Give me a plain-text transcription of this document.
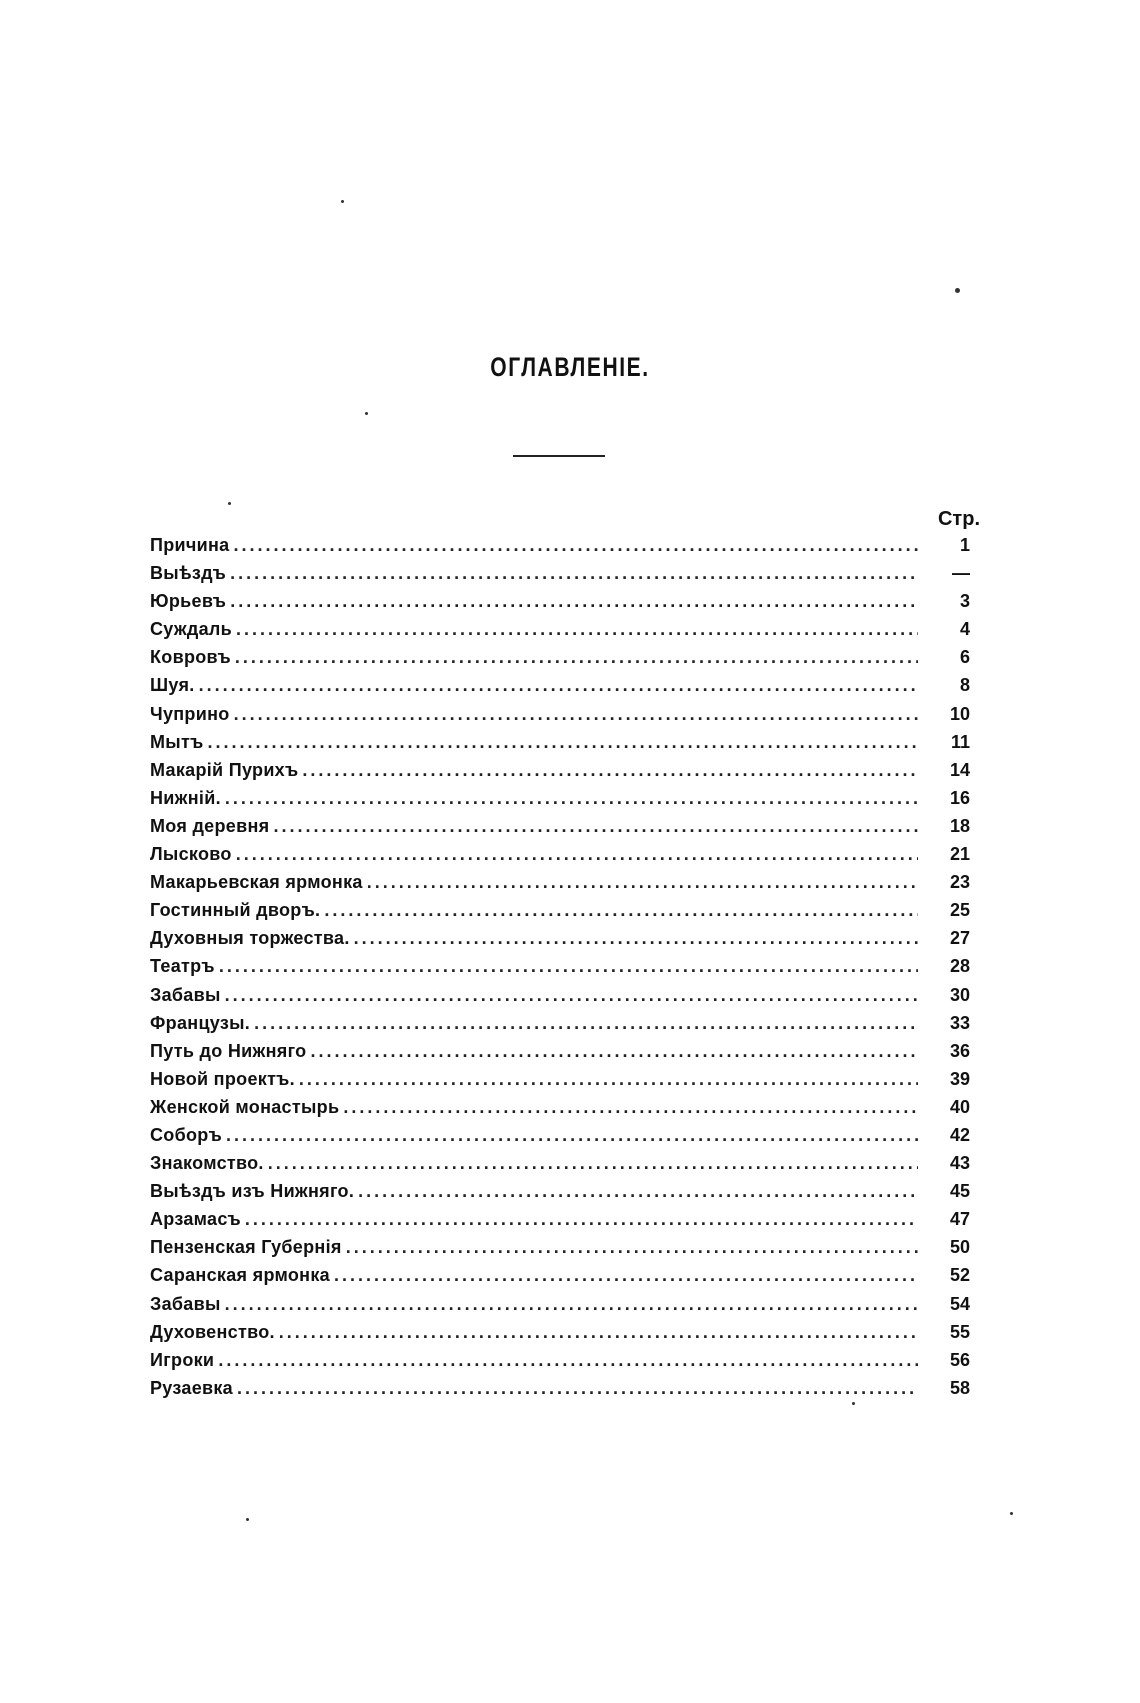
ОГЛАВЛЕНІЕ.
Стр.
Причина .....	1
Выѣздъ .....	—
Юрьевъ .....	3
Суждаль .....	4
Ковровъ .....	6
Шуя. .....	8
Чуприно .....	10
Мытъ .....	11
Макарій Пурихъ .....	14
Нижній. .....	16
Моя деревня .....	18
Лысково .....	21
Макарьевская ярмонка .....	23
Гостинный дворъ. .....	25
Духовныя торжества. .....	27
Театръ .....	28
Забавы .....	30
Французы. .....	33
Путь до Нижняго .....	36
Новой проектъ. .....	39
Женской монастырь .....	40
Соборъ .....	42
Знакомство. .....	43
Выѣздъ изъ Нижняго. .....	45
Арзамасъ .....	47
Пензенская Губернія .....	50
Саранская ярмонка .....	52
Забавы .....	54
Духовенство. .....	55
Игроки .....	56
Рузаевка .....	58
